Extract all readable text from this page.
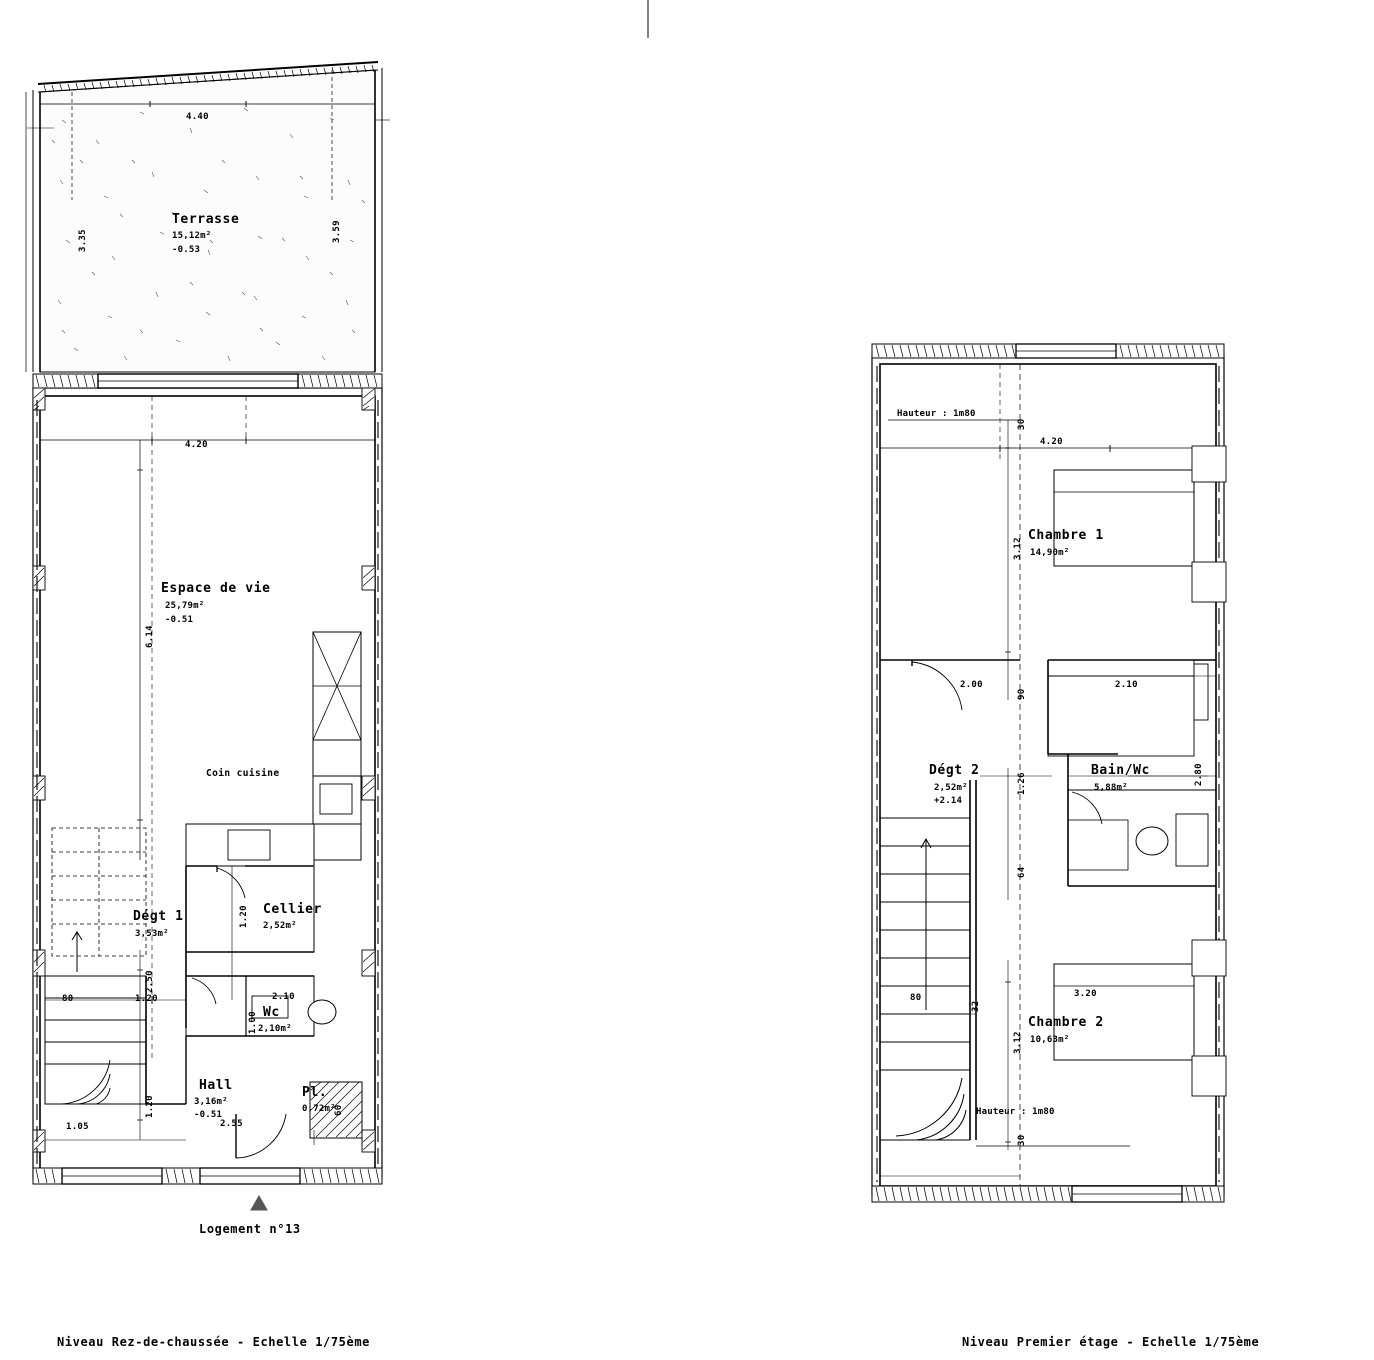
4.40
3.35	3.59
Terrasse
15,12m²
-0.53
4.20
6.14
Espace de vie
25,79m²
-0.51
Coin cuisine
Dégt 1
3,53m²
Cellier
2,52m²
1.20
2.50
1.00
1.20
1.20
80	2.10
Wc
2,10m²
Hall
3,16m²
-0.51
2.55
Pl.
0,72m²
60
1.05
Logement n°13
Hauteur : 1m80
30
4.20
3.12
Chambre 1
14,90m²
2.00
90
2.10
1.26	2.80
64
Dégt 2
2,52m²
+2.14
Bain/Wc
5,88m²
80
32
3.12
3.20
Chambre 2
10,63m²
Hauteur : 1m80
30
Niveau Rez-de-chaussée - Echelle 1/75ème	Niveau Premier étage - Echelle 1/75ème
